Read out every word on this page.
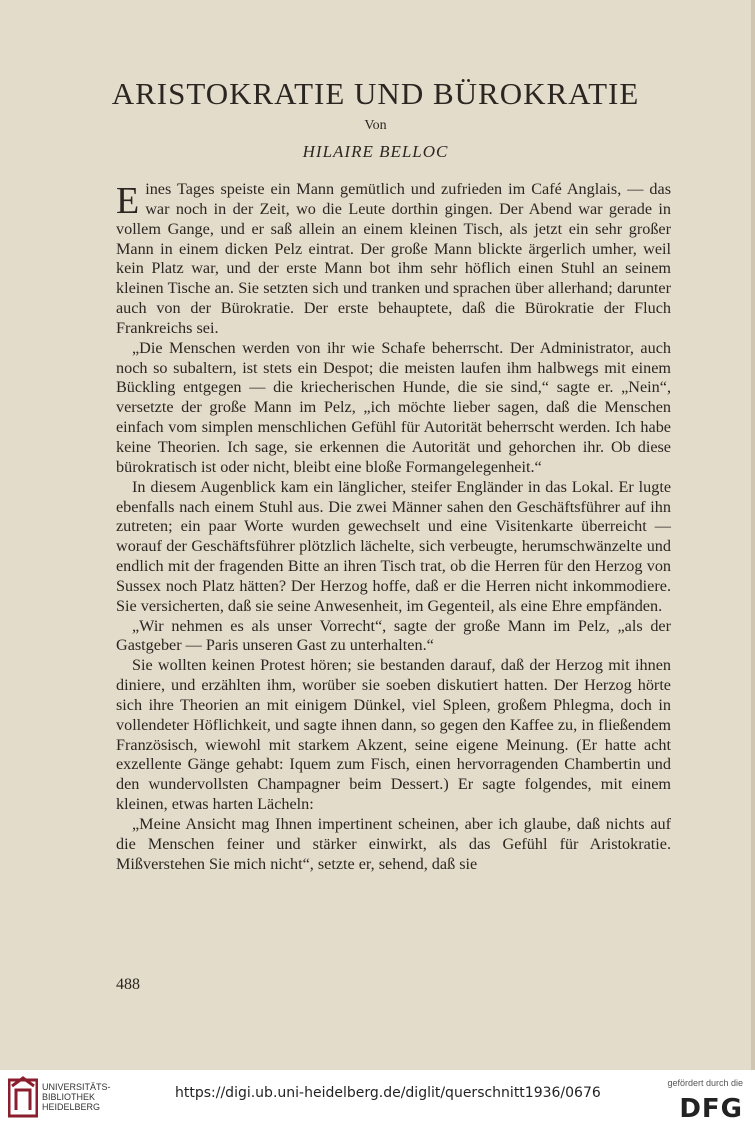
ARISTOKRATIE UND BÜROKRATIE
Von
HILAIRE BELLOC

Eines Tages speiste ein Mann gemütlich und zufrieden im Café Anglais, — das war noch in der Zeit, wo die Leute dorthin gingen. Der Abend war gerade in vollem Gange, und er saß allein an einem kleinen Tisch, als jetzt ein sehr großer Mann in einem dicken Pelz eintrat. Der große Mann blickte ärgerlich umher, weil kein Platz war, und der erste Mann bot ihm sehr höflich einen Stuhl an seinem kleinen Tische an. Sie setzten sich und tranken und sprachen über allerhand; darunter auch von der Bürokratie. Der erste behauptete, daß die Bürokratie der Fluch Frankreichs sei.

„Die Menschen werden von ihr wie Schafe beherrscht. Der Administrator, auch noch so subaltern, ist stets ein Despot; die meisten laufen ihm halbwegs mit einem Bückling entgegen — die kriecherischen Hunde, die sie sind,“ sagte er. „Nein“, versetzte der große Mann im Pelz, „ich möchte lieber sagen, daß die Menschen einfach vom simplen menschlichen Gefühl für Autorität beherrscht werden. Ich habe keine Theorien. Ich sage, sie erkennen die Autorität und gehorchen ihr. Ob diese bürokratisch ist oder nicht, bleibt eine bloße Formangelegenheit.“

In diesem Augenblick kam ein länglicher, steifer Engländer in das Lokal. Er lugte ebenfalls nach einem Stuhl aus. Die zwei Männer sahen den Geschäftsführer auf ihn zutreten; ein paar Worte wurden gewechselt und eine Visitenkarte überreicht — worauf der Geschäftsführer plötzlich lächelte, sich verbeugte, herumschwänzelte und endlich mit der fragenden Bitte an ihren Tisch trat, ob die Herren für den Herzog von Sussex noch Platz hätten? Der Herzog hoffe, daß er die Herren nicht inkommodiere. Sie versicherten, daß sie seine Anwesenheit, im Gegenteil, als eine Ehre empfänden.

„Wir nehmen es als unser Vorrecht“, sagte der große Mann im Pelz, „als der Gastgeber — Paris unseren Gast zu unterhalten.“

Sie wollten keinen Protest hören; sie bestanden darauf, daß der Herzog mit ihnen diniere, und erzählten ihm, worüber sie soeben diskutiert hatten. Der Herzog hörte sich ihre Theorien an mit einigem Dünkel, viel Spleen, großem Phlegma, doch in vollendeter Höflichkeit, und sagte ihnen dann, so gegen den Kaffee zu, in fließendem Französisch, wiewohl mit starkem Akzent, seine eigene Meinung. (Er hatte acht exzellente Gänge gehabt: Iquem zum Fisch, einen hervorragenden Chambertin und den wundervollsten Champagner beim Dessert.) Er sagte folgendes, mit einem kleinen, etwas harten Lächeln:

„Meine Ansicht mag Ihnen impertinent scheinen, aber ich glaube, daß nichts auf die Menschen feiner und stärker einwirkt, als das Gefühl für Aristokratie. Mißverstehen Sie mich nicht“, setzte er, sehend, daß sie

488
UNIVERSITÄTS-
BIBLIOTHEK
HEIDELBERG
https://digi.ub.uni-heidelberg.de/diglit/querschnitt1936/0676
gefördert durch die
DFG
